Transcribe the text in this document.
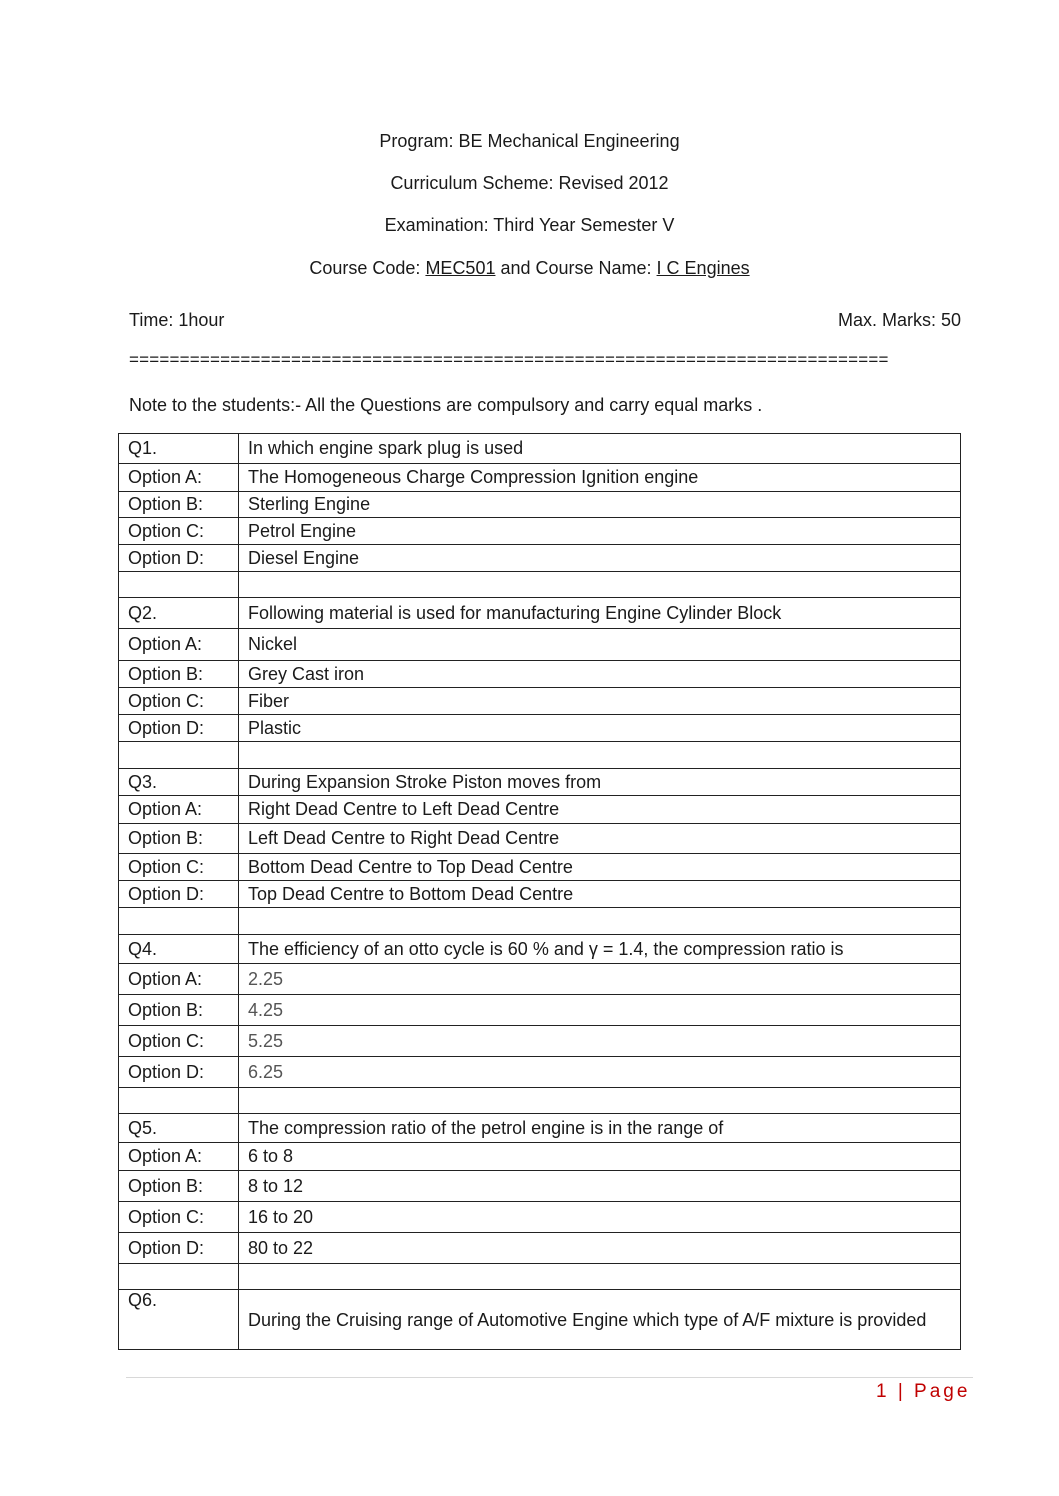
Program: BE Mechanical Engineering
Curriculum Scheme: Revised 2012
Examination: Third Year Semester V
Course Code: MEC501 and Course Name: I C Engines
Time: 1hour	Max. Marks: 50
===========================================================================
Note to the students:- All the Questions are compulsory and carry equal marks .
Q1.	In which engine spark plug is used
Option A:	The Homogeneous Charge Compression Ignition engine
Option B:	Sterling Engine
Option C:	Petrol Engine
Option D:	Diesel Engine

Q2.	Following material is used for manufacturing Engine Cylinder Block
Option A:	Nickel
Option B:	Grey Cast iron
Option C:	Fiber
Option D:	Plastic

Q3.	During Expansion Stroke Piston moves from
Option A:	Right Dead Centre to Left Dead Centre
Option B:	Left Dead Centre to Right Dead Centre
Option C:	Bottom Dead Centre to Top Dead Centre
Option D:	Top Dead Centre to Bottom Dead Centre

Q4.	The efficiency of an otto cycle is 60 % and γ = 1.4, the compression ratio is
Option A:	2.25
Option B:	4.25
Option C:	5.25
Option D:	6.25

Q5.	The compression ratio of the petrol engine is in the range of
Option A:	6 to 8
Option B:	8 to 12
Option C:	16 to 20
Option D:	80 to 22

Q6.	During the Cruising range of Automotive Engine which type of A/F mixture is provided
1 | Page
